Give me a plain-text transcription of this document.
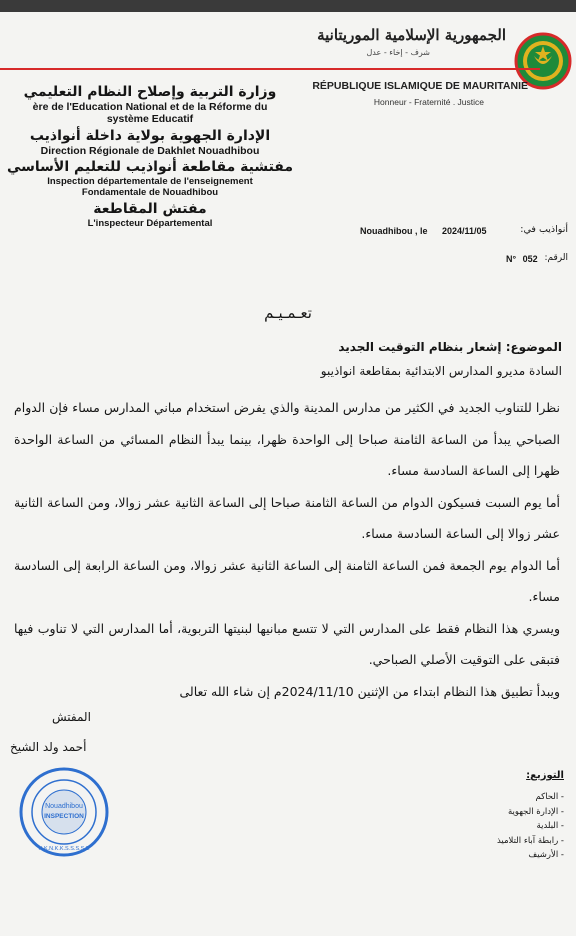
الجمهورية الإسلامية الموريتانية
شرف - إخاء - عدل
RÉPUBLIQUE ISLAMIQUE DE MAURITANIE
Honneur - Fraternité . Justice
وزارة التربية وإصلاح النظام التعليمي
ère de l'Education National et de la Réforme du
système Educatif
الإدارة الجهوية بولاية داخلة أنواذيب
Direction Régionale de Dakhlet Nouadhibou
مفتشية مقاطعة أنواذيب للتعليم الأساسي
Inspection départementale de l'enseignement
Fondamentale de Nouadhibou
مفتش المقاطعة
L'inspecteur Départemental
Nouadhibou , le 2024/11/05	أنواذيب في:
N° 052 الرقم:
تعـمـيـم
الموضوع: إشعار بنظام التوقيت الجديد
السادة مديرو المدارس الابتدائية بمقاطعة انواذيبو

نظرا للتناوب الجديد في الكثير من مدارس المدينة والذي يفرض استخدام مباني المدارس مساء فإن الدوام الصباحي يبدأ من الساعة الثامنة صباحا إلى الواحدة ظهرا، بينما يبدأ النظام المسائي من الساعة الواحدة ظهرا إلى الساعة السادسة مساء.

أما يوم السبت فسيكون الدوام من الساعة الثامنة صباحا إلى الساعة الثانية عشر زوالا، ومن الساعة الثانية عشر زوالا إلى الساعة السادسة مساء.

أما الدوام يوم الجمعة فمن الساعة الثامنة إلى الساعة الثانية عشر زوالا، ومن الساعة الرابعة إلى السادسة مساء.

ويسري هذا النظام فقط على المدارس التي لا تتسع مبانيها لبنيتها التربوية، أما المدارس التي لا تناوب فيها فتبقى على التوقيت الأصلي الصباحي.

ويبدأ تطبيق هذا النظام ابتداء من الإثنين 2024/11/10م إن شاء الله تعالى

المفتش
أحمد ولد الشيخ
Nouadhibou
INSPECTION
N.K.N.K.K.S.S.S.S.E
التوزيع:
- الحاكم
- الإدارة الجهوية
- البلدية
- رابطة آباء التلاميذ
- الأرشيف
